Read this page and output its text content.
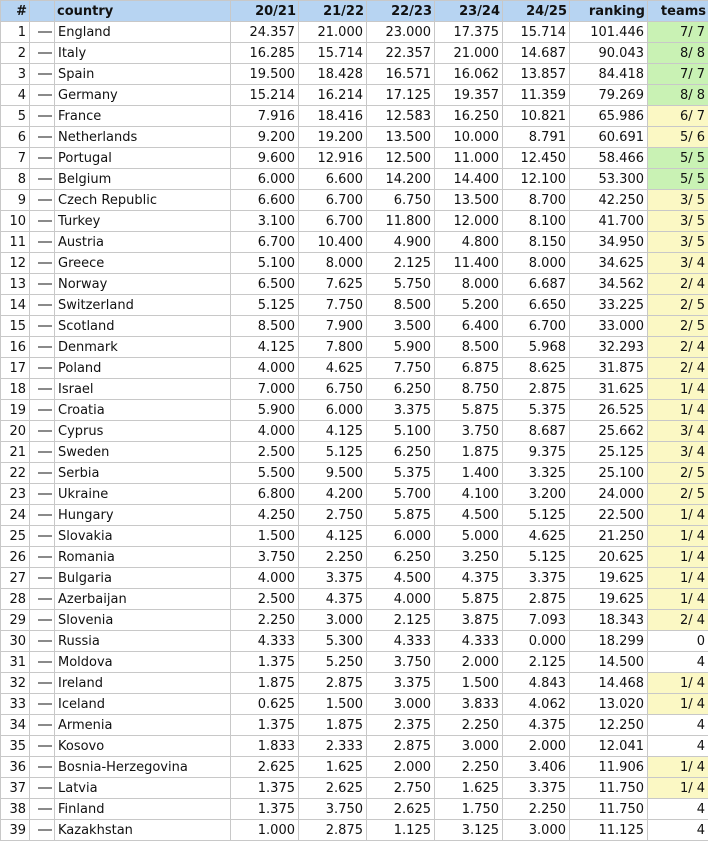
#		country	20/21	21/22	22/23	23/24	24/25	ranking	teams
1		England	24.357	21.000	23.000	17.375	15.714	101.446	7/ 7
2		Italy	16.285	15.714	22.357	21.000	14.687	90.043	8/ 8
3		Spain	19.500	18.428	16.571	16.062	13.857	84.418	7/ 7
4		Germany	15.214	16.214	17.125	19.357	11.359	79.269	8/ 8
5		France	7.916	18.416	12.583	16.250	10.821	65.986	6/ 7
6		Netherlands	9.200	19.200	13.500	10.000	8.791	60.691	5/ 6
7		Portugal	9.600	12.916	12.500	11.000	12.450	58.466	5/ 5
8		Belgium	6.000	6.600	14.200	14.400	12.100	53.300	5/ 5
9		Czech Republic	6.600	6.700	6.750	13.500	8.700	42.250	3/ 5
10		Turkey	3.100	6.700	11.800	12.000	8.100	41.700	3/ 5
11		Austria	6.700	10.400	4.900	4.800	8.150	34.950	3/ 5
12		Greece	5.100	8.000	2.125	11.400	8.000	34.625	3/ 4
13		Norway	6.500	7.625	5.750	8.000	6.687	34.562	2/ 4
14		Switzerland	5.125	7.750	8.500	5.200	6.650	33.225	2/ 5
15		Scotland	8.500	7.900	3.500	6.400	6.700	33.000	2/ 5
16		Denmark	4.125	7.800	5.900	8.500	5.968	32.293	2/ 4
17		Poland	4.000	4.625	7.750	6.875	8.625	31.875	2/ 4
18		Israel	7.000	6.750	6.250	8.750	2.875	31.625	1/ 4
19		Croatia	5.900	6.000	3.375	5.875	5.375	26.525	1/ 4
20		Cyprus	4.000	4.125	5.100	3.750	8.687	25.662	3/ 4
21		Sweden	2.500	5.125	6.250	1.875	9.375	25.125	3/ 4
22		Serbia	5.500	9.500	5.375	1.400	3.325	25.100	2/ 5
23		Ukraine	6.800	4.200	5.700	4.100	3.200	24.000	2/ 5
24		Hungary	4.250	2.750	5.875	4.500	5.125	22.500	1/ 4
25		Slovakia	1.500	4.125	6.000	5.000	4.625	21.250	1/ 4
26		Romania	3.750	2.250	6.250	3.250	5.125	20.625	1/ 4
27		Bulgaria	4.000	3.375	4.500	4.375	3.375	19.625	1/ 4
28		Azerbaijan	2.500	4.375	4.000	5.875	2.875	19.625	1/ 4
29		Slovenia	2.250	3.000	2.125	3.875	7.093	18.343	2/ 4
30		Russia	4.333	5.300	4.333	4.333	0.000	18.299	0
31		Moldova	1.375	5.250	3.750	2.000	2.125	14.500	4
32		Ireland	1.875	2.875	3.375	1.500	4.843	14.468	1/ 4
33		Iceland	0.625	1.500	3.000	3.833	4.062	13.020	1/ 4
34		Armenia	1.375	1.875	2.375	2.250	4.375	12.250	4
35		Kosovo	1.833	2.333	2.875	3.000	2.000	12.041	4
36		Bosnia-Herzegovina	2.625	1.625	2.000	2.250	3.406	11.906	1/ 4
37		Latvia	1.375	2.625	2.750	1.625	3.375	11.750	1/ 4
38		Finland	1.375	3.750	2.625	1.750	2.250	11.750	4
39		Kazakhstan	1.000	2.875	1.125	3.125	3.000	11.125	4
